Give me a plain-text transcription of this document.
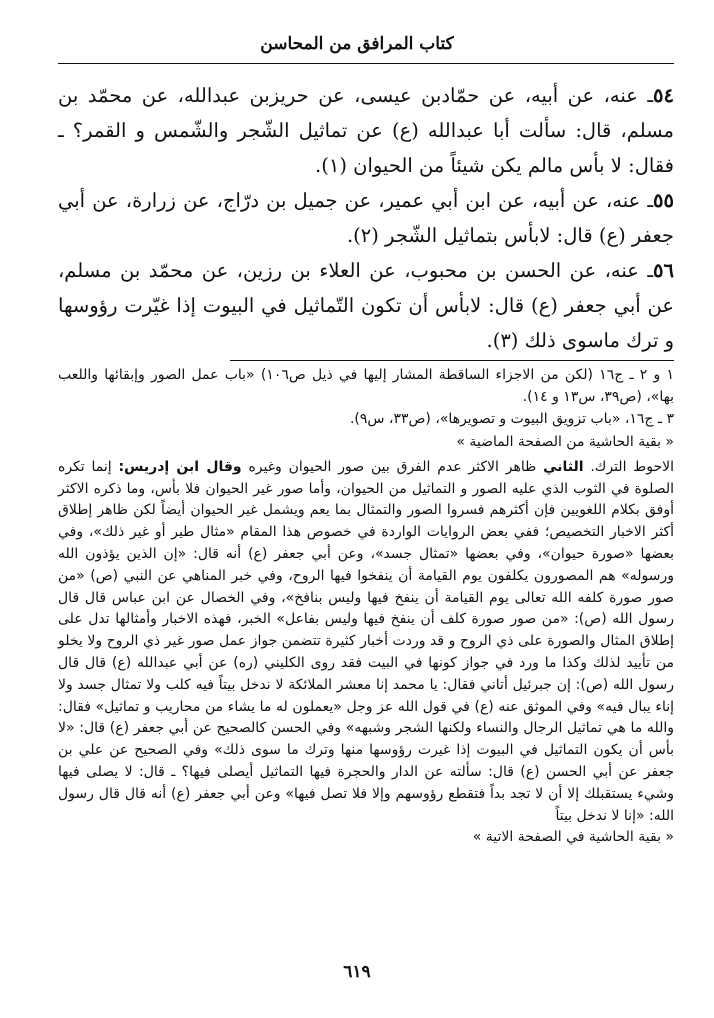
كتاب المرافق من المحاسن

٥٤ـ عنه، عن أبيه، عن حمّادبن عيسى، عن حريزبن عبدالله، عن محمّد بن مسلم، قال: سألت أبا عبدالله (ع) عن تماثيل الشّجر والشّمس و القمر؟ ـ فقال: لا بأس مالم يكن شيئاً من الحيوان (١).

٥٥ـ عنه، عن أبيه، عن ابن أبي عمير، عن جميل بن درّاج، عن زرارة، عن أبي جعفر (ع) قال: لابأس بتماثيل الشّجر (٢).

٥٦ـ عنه، عن الحسن بن محبوب، عن العلاء بن رزين، عن محمّد بن مسلم، عن أبي جعفر (ع) قال: لابأس أن تكون التّماثيل في البيوت إذا غيّرت رؤوسها و ترك ماسوى ذلك (٣).

١ و ٢ ـ ج١٦ (لكن من الاجزاء الساقطة المشار إليها في ذيل ص١٠٦) «باب عمل الصور وإبقائها واللعب بها»، (ص٣٩، س١٣ و ١٤).

٣ ـ ج١٦، «باب تزويق البيوت و تصويرها»، (ص٣٣، س٩).

« بقية الحاشية من الصفحة الماضية »

الاحوط الترك. الثاني ظاهر الاكثر عدم الفرق بين صور الحيوان وغيره وقال ابن إدريس: إنما تكره الصلوة في الثوب الذي عليه الصور و التماثيل من الحيوان، وأما صور غير الحيوان فلا بأس، وما ذكره الاكثر أوفق بكلام اللغويين فإن أكثرهم فسروا الصور والتمثال بما يعم ويشمل غير الحيوان أيضاً لكن ظاهر إطلاق أكثر الاخبار التخصيص؛ ففي بعض الروايات الواردة في خصوص هذا المقام «مثال طير أو غير ذلك»، وفي بعضها «صورة حيوان»، وفي بعضها «تمثال جسد»، وعن أبي جعفر (ع) أنه قال: «إن الذين يؤذون الله ورسوله» هم المصورون يكلفون يوم القيامة أن ينفخوا فيها الروح، وفي خبر المناهي عن النبي (ص) «من صور صورة كلفه الله تعالى يوم القيامة أن ينفخ فيها وليس بنافخ»، وفي الخصال عن ابن عباس قال قال رسول الله (ص): «من صور صورة كلف أن ينفخ فيها وليس بفاعل» الخبر، فهذه الاخبار وأمثالها تدل على إطلاق المثال والصورة على ذي الروح و قد وردت أخبار كثيرة تتضمن جواز عمل صور غير ذي الروح ولا يخلو من تأييد لذلك وكذا ما ورد في جواز كونها في البيت فقد روى الكليني (ره) عن أبي عبدالله (ع) قال قال رسول الله (ص): إن جبرئيل أتاني فقال: يا محمد إنا معشر الملائكة لا ندخل بيتاً فيه كلب ولا تمثال جسد ولا إناء يبال فيه» وفي الموثق عنه (ع) في قول الله عز وجل «يعملون له ما يشاء من محاريب و تماثيل» فقال: والله ما هي تماثيل الرجال والنساء ولكنها الشجر وشبهه» وفي الحسن كالصحيح عن أبي جعفر (ع) قال: «لا بأس أن يكون التماثيل في البيوت إذا غيرت رؤوسها منها وترك ما سوى ذلك» وفي الصحيح عن علي بن جعفر عن أبي الحسن (ع) قال: سألته عن الدار والحجرة فيها التماثيل أيصلى فيها؟ ـ قال: لا يصلى فيها وشيء يستقبلك إلا أن لا تجد بداً فتقطع رؤوسهم وإلا فلا تصل فيها» وعن أبي جعفر (ع) أنه قال قال رسول الله: «إنا لا ندخل بيتاً

« بقية الحاشية في الصفحة الاتية »

٦١٩
